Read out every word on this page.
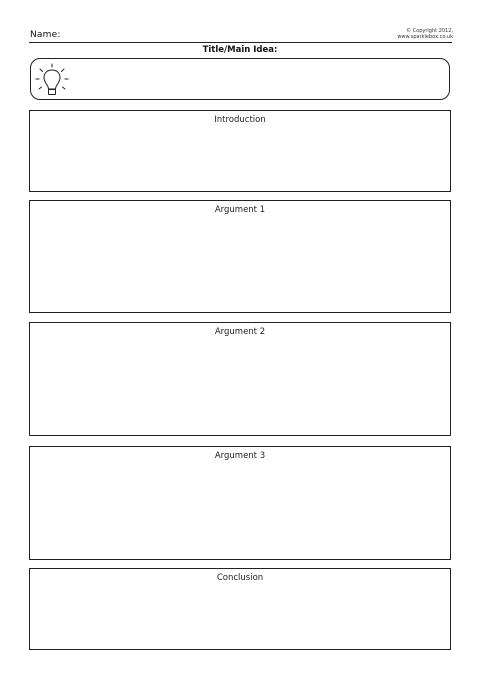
Name:	© Copyright 2012,
www.sparklebox.co.uk
Title/Main Idea:
Introduction
Argument 1
Argument 2
Argument 3
Conclusion
